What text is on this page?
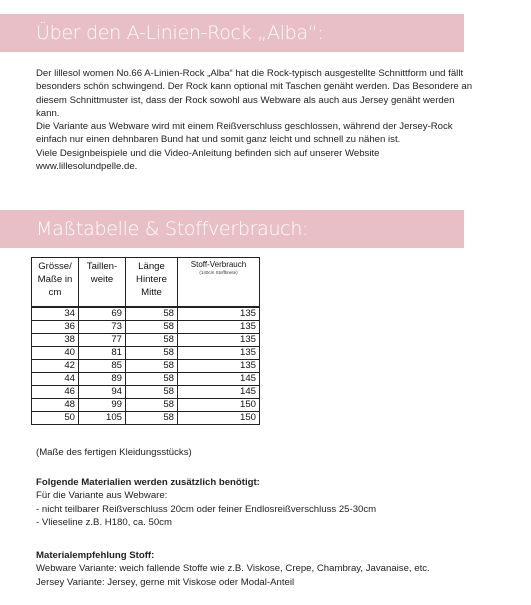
Über den A-Linien-Rock „Alba“:

Der lillesol women No.66 A-Linien-Rock „Alba“ hat die Rock-typisch ausgestellte Schnittform und fällt

besonders schön schwingend. Der Rock kann optional mit Taschen genäht werden. Das Besondere an

diesem Schnittmuster ist, dass der Rock sowohl aus Webware als auch aus Jersey genäht werden

kann.

Die Variante aus Webware wird mit einem Reißverschluss geschlossen, während der Jersey-Rock

einfach nur einen dehnbaren Bund hat und somit ganz leicht und schnell zu nähen ist.

Viele Designbeispiele und die Video-Anleitung befinden sich auf unserer Website

www.lillesolundpelle.de.

Maßtabelle & Stoffverbrauch:
Grösse/ Maße in cm	Taillen-weite	Länge Hintere Mitte	Stoff-Verbrauch
(140cm Stoffbreite)

34	69	58	135
36	73	58	135
38	77	58	135
40	81	58	135
42	85	58	135
44	89	58	145
46	94	58	145
48	99	58	150
50	105	58	150
(Maße des fertigen Kleidungsstücks)

Folgende Materialien werden zusätzlich benötigt:

Für die Variante aus Webware:

- nicht teilbarer Reißverschluss 20cm oder feiner Endlosreißverschluss 25-30cm

- Vlieseline z.B. H180, ca. 50cm

Materialempfehlung Stoff:

Webware Variante: weich fallende Stoffe wie z.B. Viskose, Crepe, Chambray, Javanaise, etc.

Jersey Variante: Jersey, gerne mit Viskose oder Modal-Anteil
